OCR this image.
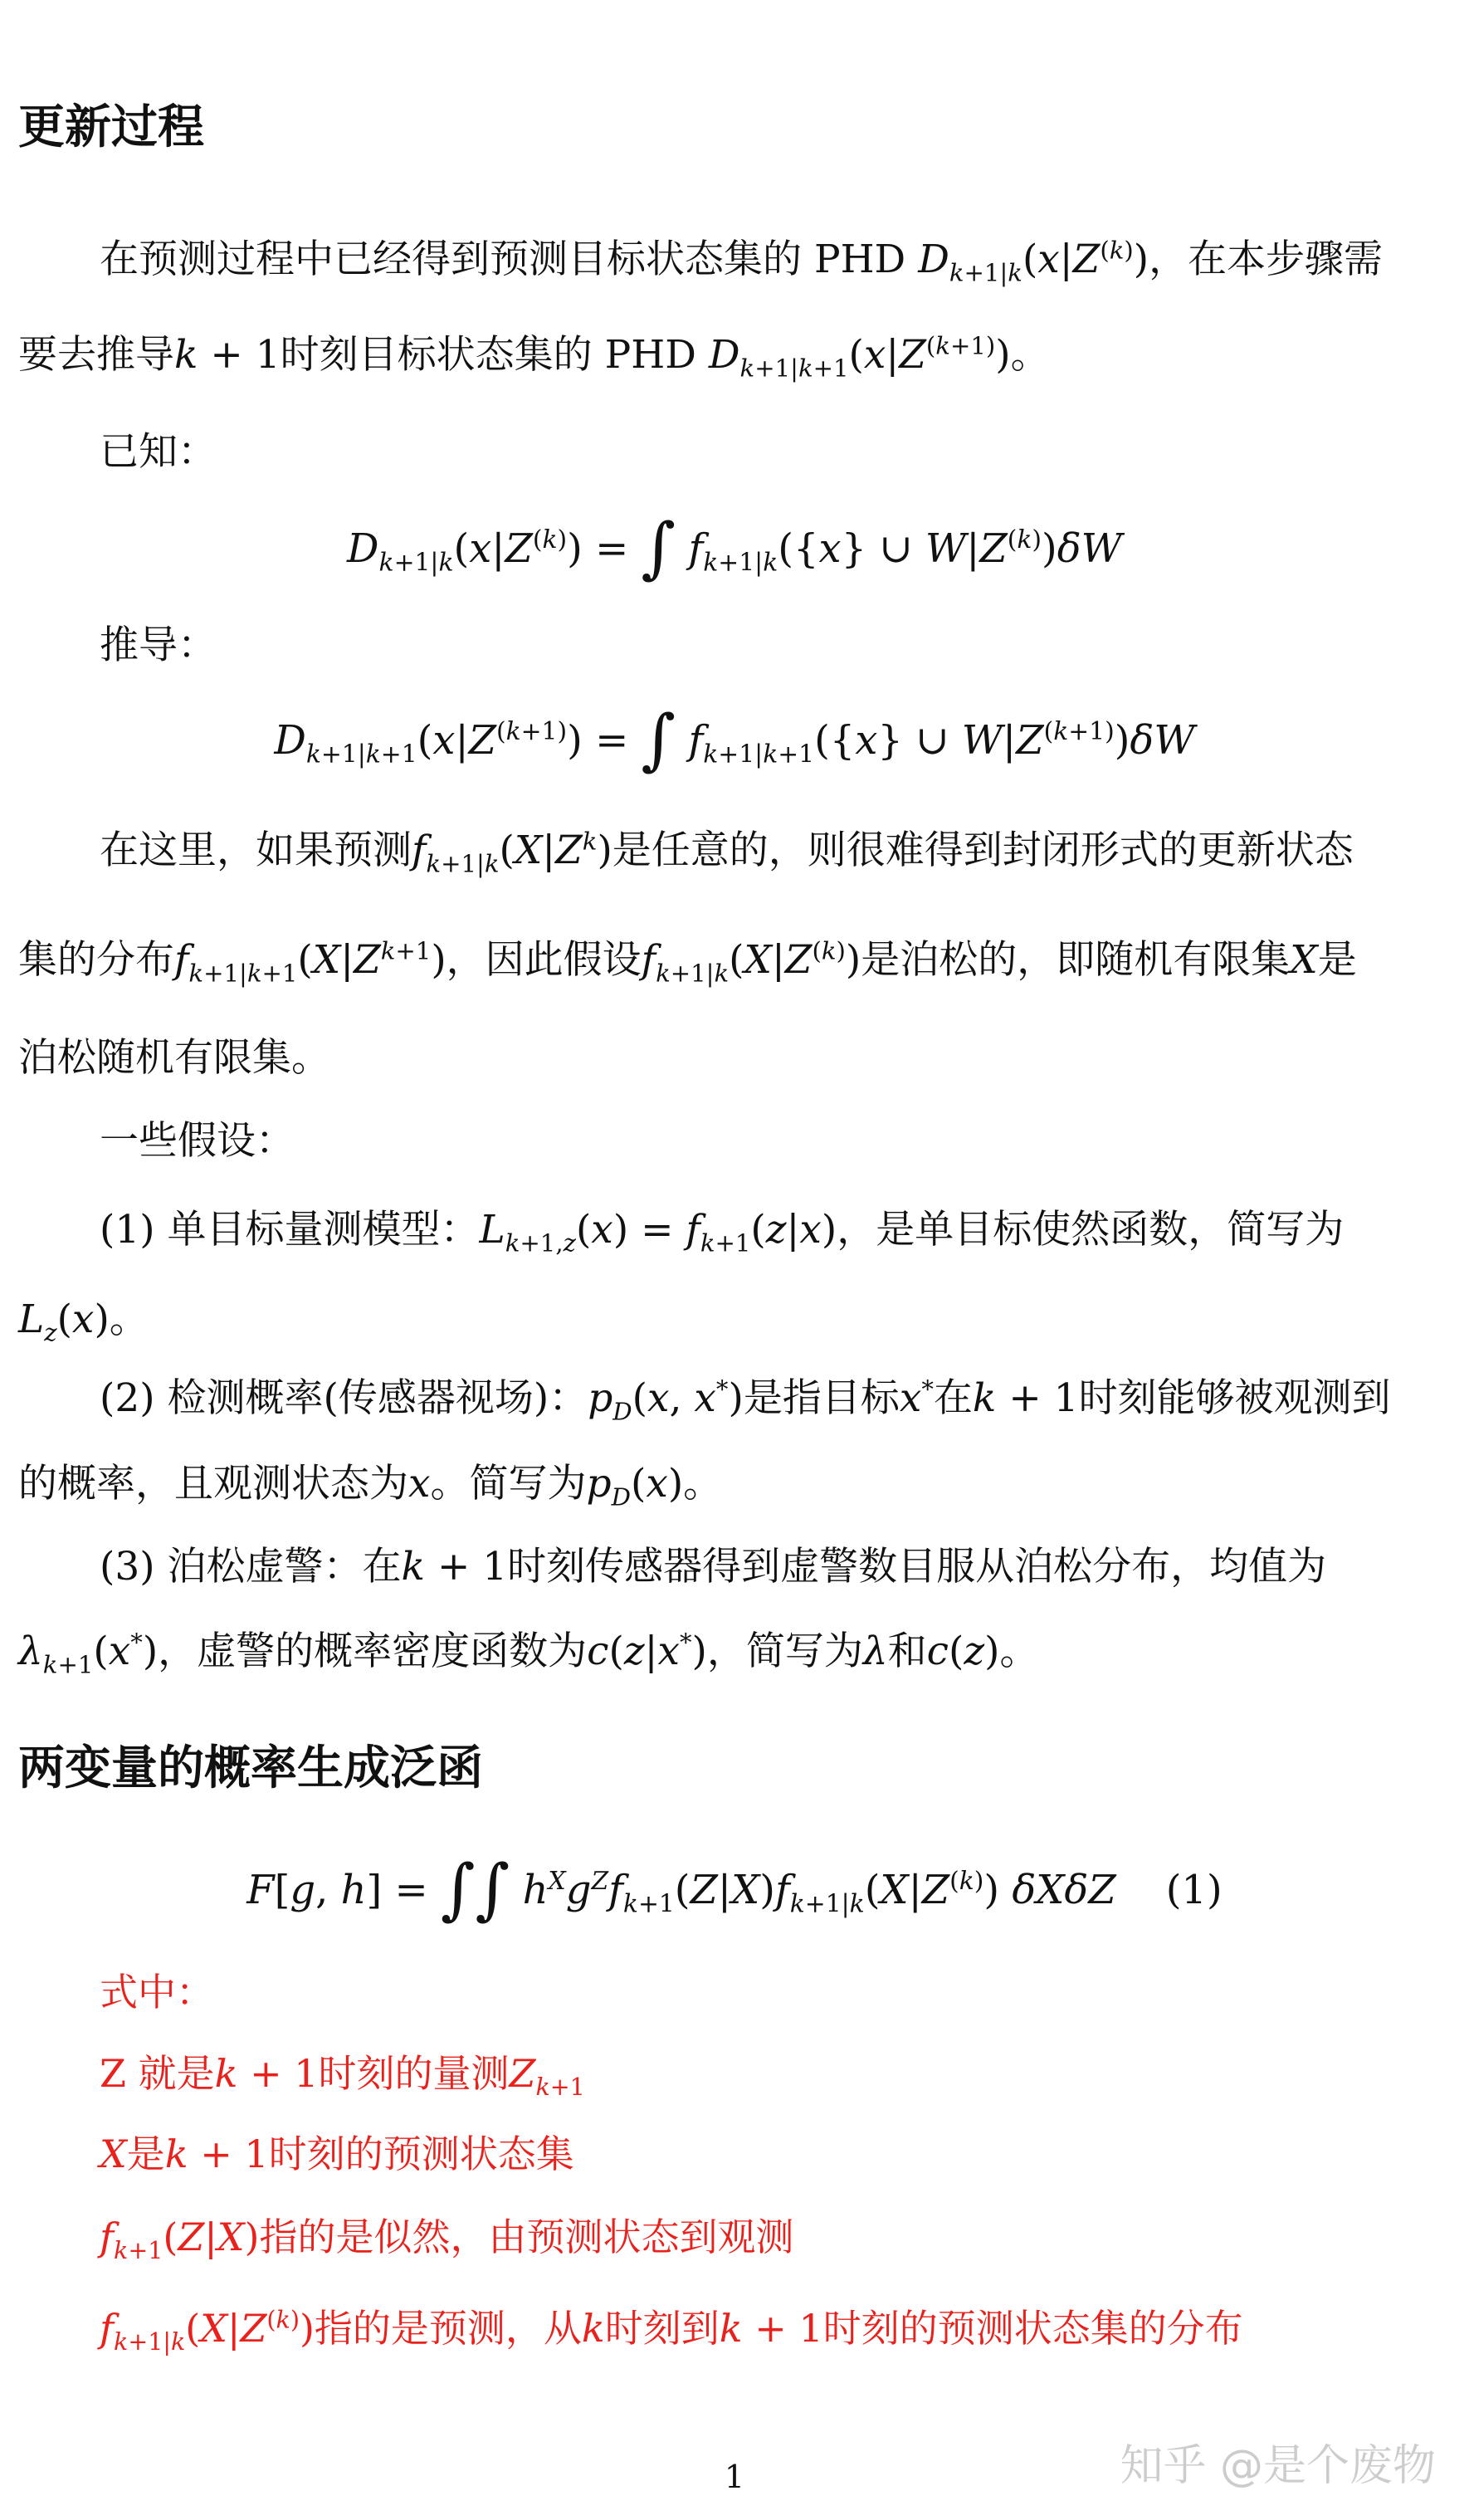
更新过程
在预测过程中已经得到预测目标状态集的 PHD $D_{k+1|k}(x|Z^{(k)})$，在本步骤需
要去推导k + 1时刻目标状态集的 PHD $D_{k+1|k+1}(x|Z^{(k+1)})$。
已知：
$D_{k+1|k}(x|Z^{(k)})$ = ∫ $f_{k+1|k}(\{x\}$ ∪ $W|Z^{(k)})\delta W$
推导：
$D_{k+1|k+1}(x|Z^{(k+1)})$ = ∫ $f_{k+1|k+1}(\{x\}$ ∪ $W|Z^{(k+1)})\delta W$
在这里，如果预测$f_{k+1|k}(X|Z^k)$是任意的，则很难得到封闭形式的更新状态
集的分布$f_{k+1|k+1}(X|Z^{k+1})$，因此假设$f_{k+1|k}(X|Z^{(k)})$是泊松的，即随机有限集X是
泊松随机有限集。
一些假设：
(1) 单目标量测模型：$L_{k+1,z}(x) = f_{k+1}(z|x)$，是单目标使然函数，简写为
$L_z(x)$。
(2) 检测概率(传感器视场)：$p_D(x$, x*)是指目标x*在k + 1时刻能够被观测到
的概率，且观测状态为x。简写为$p_D(x)$。
(3) 泊松虚警：在k + 1时刻传感器得到虚警数目服从泊松分布，均值为
$\lambda_{k+1}(x^*)$，虚警的概率密度函数为c(z|x*)，简写为λ和c(z)。
两变量的概率生成泛函
F[g, h] = ∫∫ $h^Xg^Zf_{k+1}(Z|X)f_{k+1|k}(X|Z^{(k)})$ δXδZ (1)
式中：
Z 就是k + 1时刻的量测$Z_{k+1}$
X是k + 1时刻的预测状态集
$f_{k+1}(Z|X)$指的是似然，由预测状态到观测
$f_{k+1|k}(X|Z^{(k)})$指的是预测，从k时刻到k + 1时刻的预测状态集的分布
知乎 @是个废物
1
